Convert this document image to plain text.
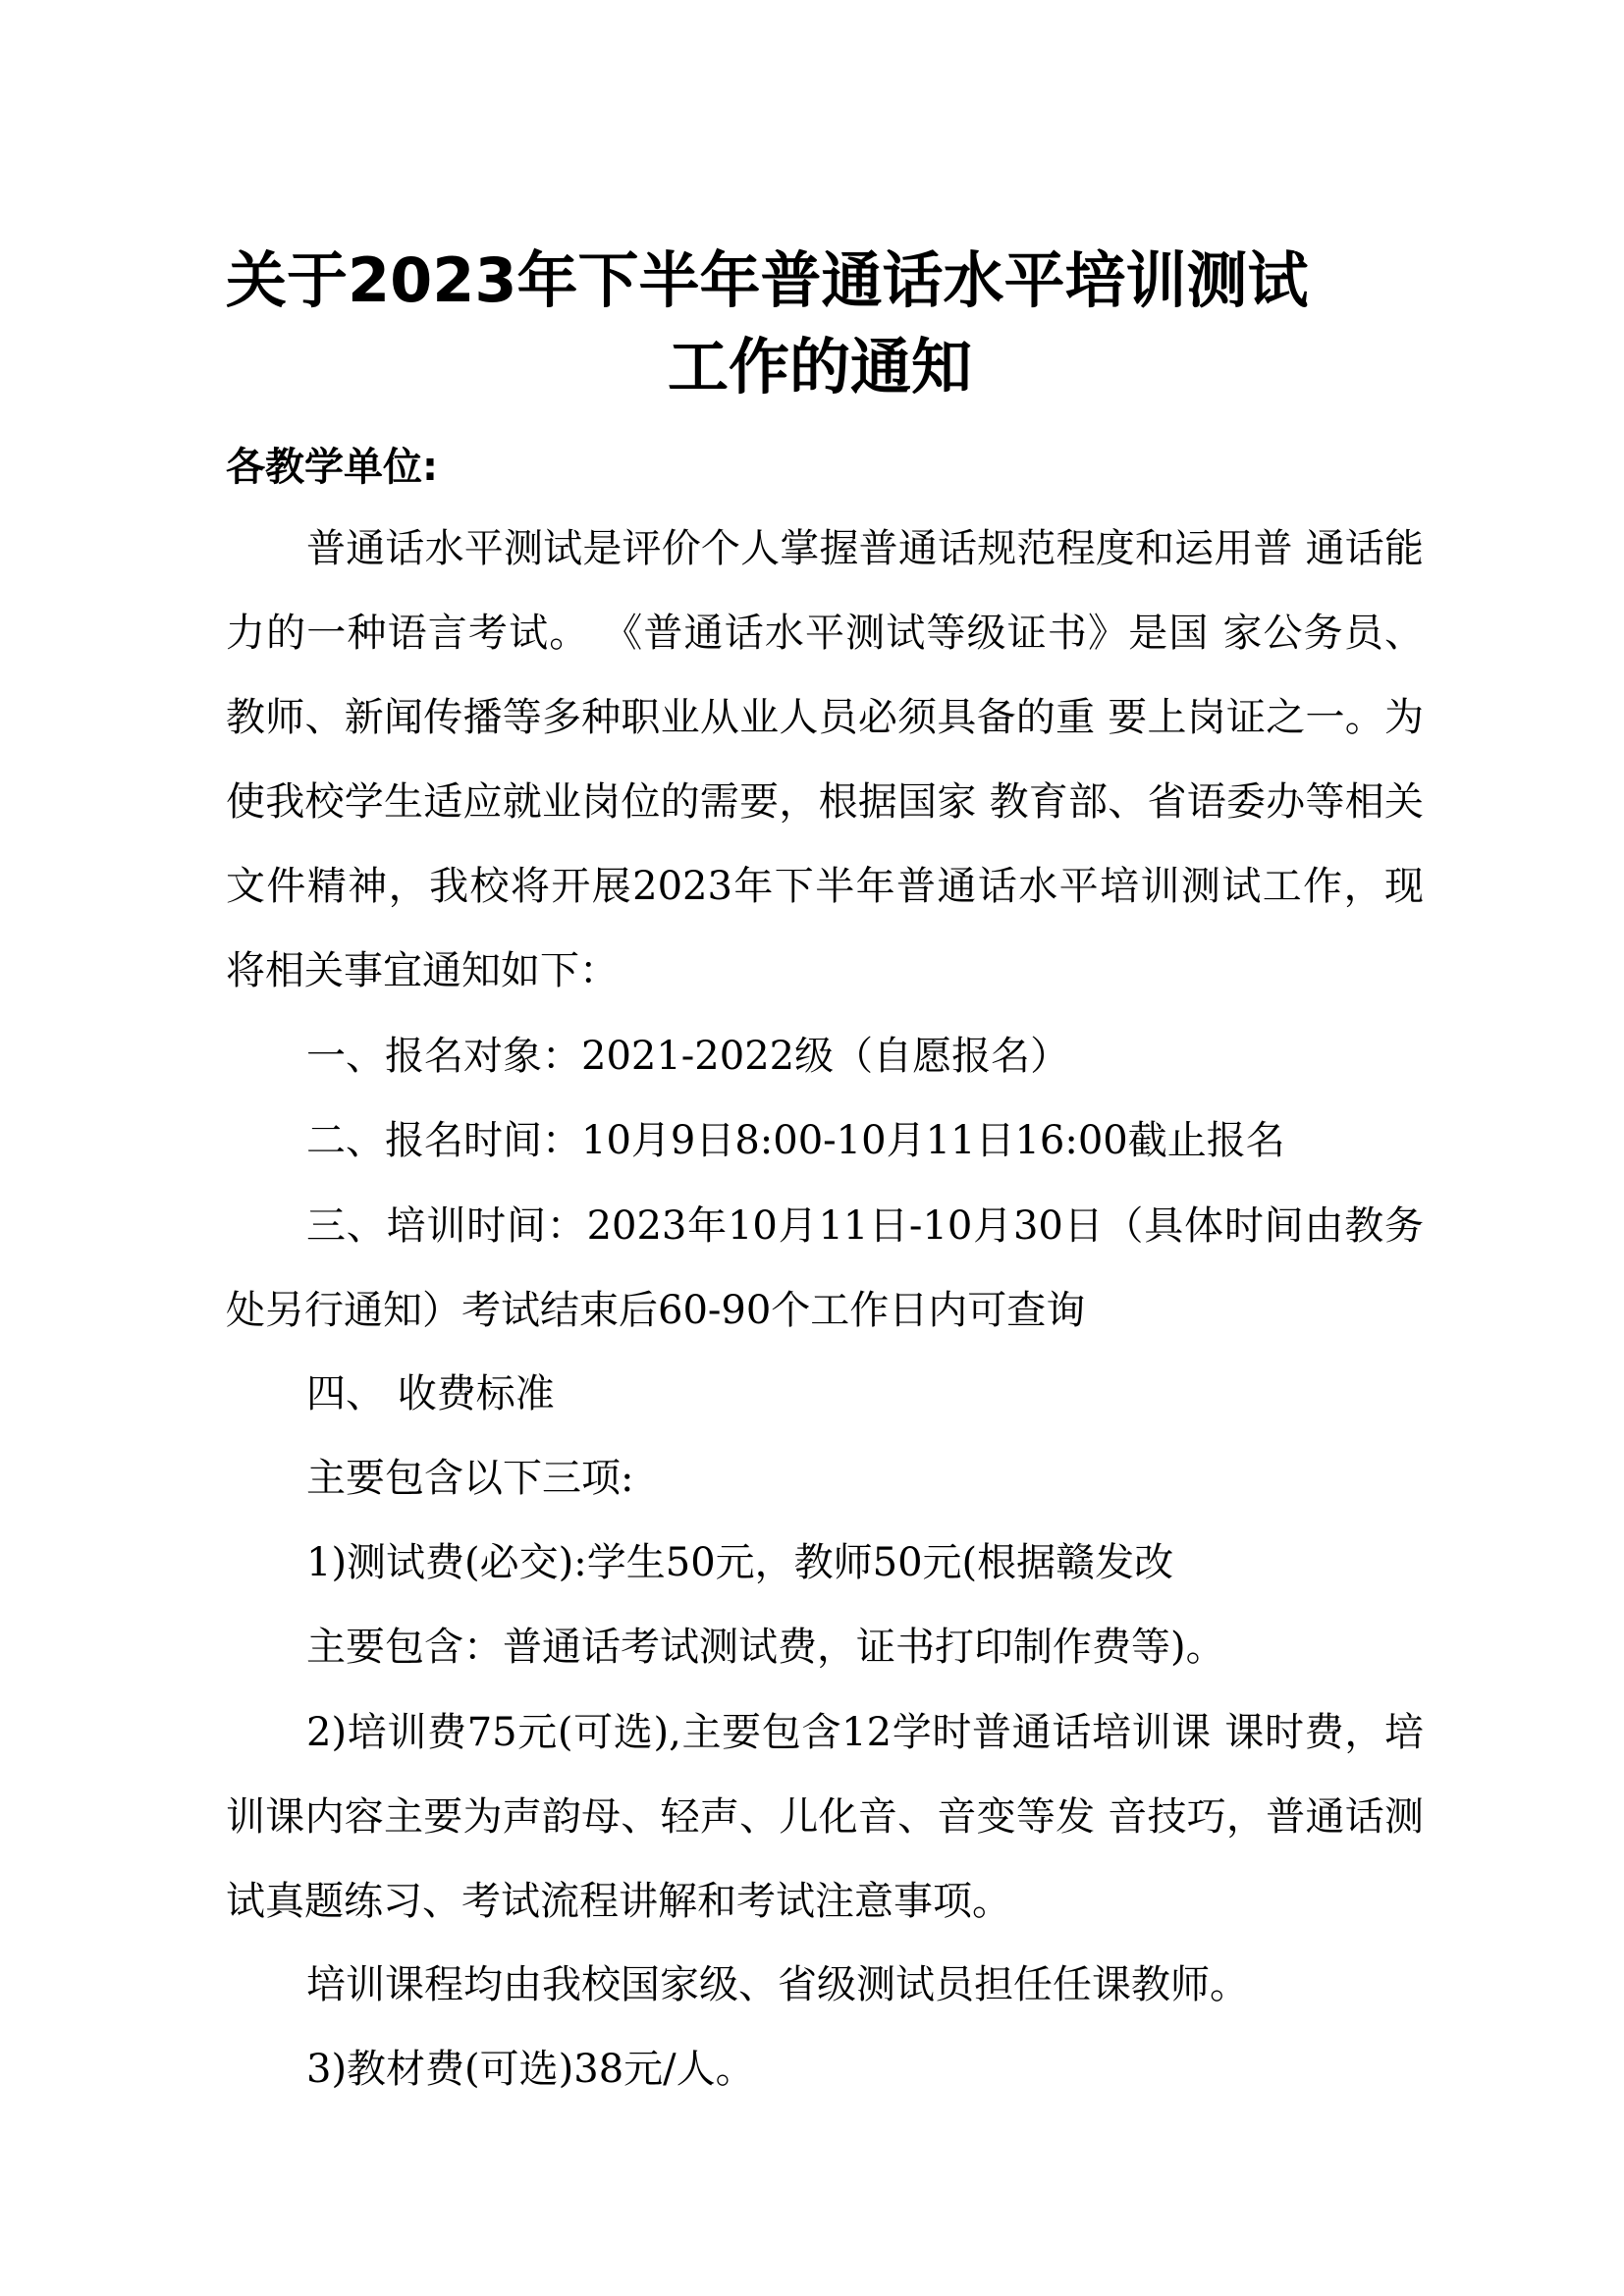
关于2023年下半年普通话水平培训测试
工作的通知
各教学单位:

普通话水平测试是评价个人掌握普通话规范程度和运用普 通话能力的一种语言考试。 《普通话水平测试等级证书》是国 家公务员、教师、新闻传播等多种职业从业人员必须具备的重 要上岗证之一。为使我校学生适应就业岗位的需要，根据国家 教育部、省语委办等相关文件精神，我校将开展2023年下半年普通话水平培训测试工作，现将相关事宜通知如下：

一、报名对象：2021-2022级（自愿报名）
二、报名时间：10月9日8:00-10月11日16:00截止报名

三、培训时间：2023年10月11日-10月30日（具体时间由教务处另行通知）考试结束后60-90个工作日内可查询

四、 收费标准
主要包含以下三项:
1)测试费(必交):学生50元，教师50元(根据赣发改
主要包含：普通话考试测试费，证书打印制作费等)。

2)培训费75元(可选),主要包含12学时普通话培训课 课时费，培训课内容主要为声韵母、轻声、儿化音、音变等发 音技巧，普通话测试真题练习、考试流程讲解和考试注意事项。

培训课程均由我校国家级、省级测试员担任任课教师。
3)教材费(可选)38元/人。
